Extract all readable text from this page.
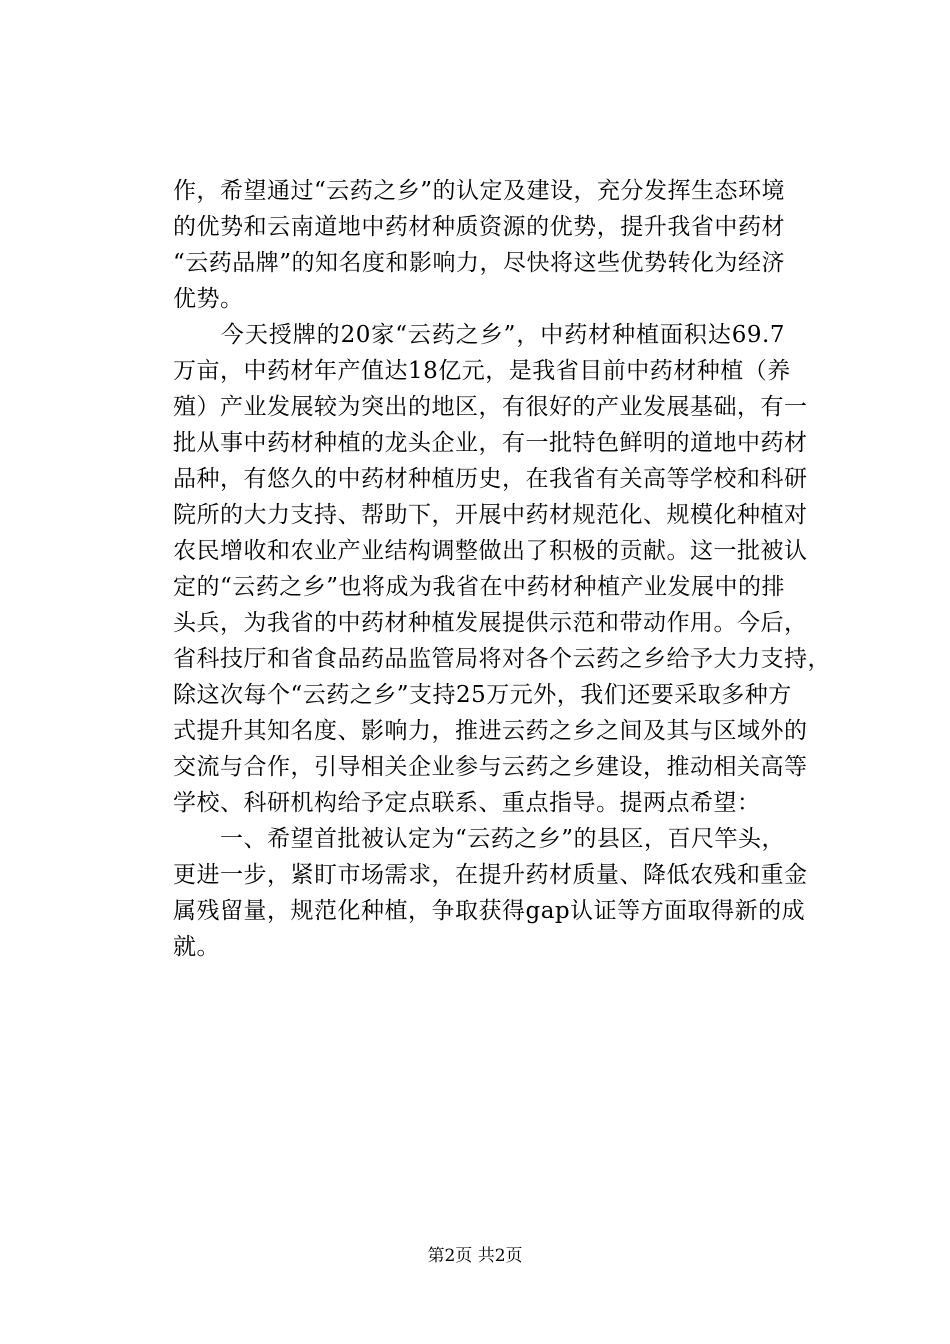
作，希望通过“云药之乡”的认定及建设，充分发挥生态环境
的优势和云南道地中药材种质资源的优势，提升我省中药材
“云药品牌”的知名度和影响力，尽快将这些优势转化为经济
优势。
　　今天授牌的20家“云药之乡”，中药材种植面积达69.7
万亩，中药材年产值达18亿元，是我省目前中药材种植（养
殖）产业发展较为突出的地区，有很好的产业发展基础，有一
批从事中药材种植的龙头企业，有一批特色鲜明的道地中药材
品种，有悠久的中药材种植历史，在我省有关高等学校和科研
院所的大力支持、帮助下，开展中药材规范化、规模化种植对
农民增收和农业产业结构调整做出了积极的贡献。这一批被认
定的“云药之乡”也将成为我省在中药材种植产业发展中的排
头兵，为我省的中药材种植发展提供示范和带动作用。今后，
省科技厅和省食品药品监管局将对各个云药之乡给予大力支持，
除这次每个“云药之乡”支持25万元外，我们还要采取多种方
式提升其知名度、影响力，推进云药之乡之间及其与区域外的
交流与合作，引导相关企业参与云药之乡建设，推动相关高等
学校、科研机构给予定点联系、重点指导。提两点希望：
　　一、希望首批被认定为“云药之乡”的县区，百尺竿头，
更进一步，紧盯市场需求，在提升药材质量、降低农残和重金
属残留量，规范化种植，争取获得gap认证等方面取得新的成
就。
第2页 共2页
